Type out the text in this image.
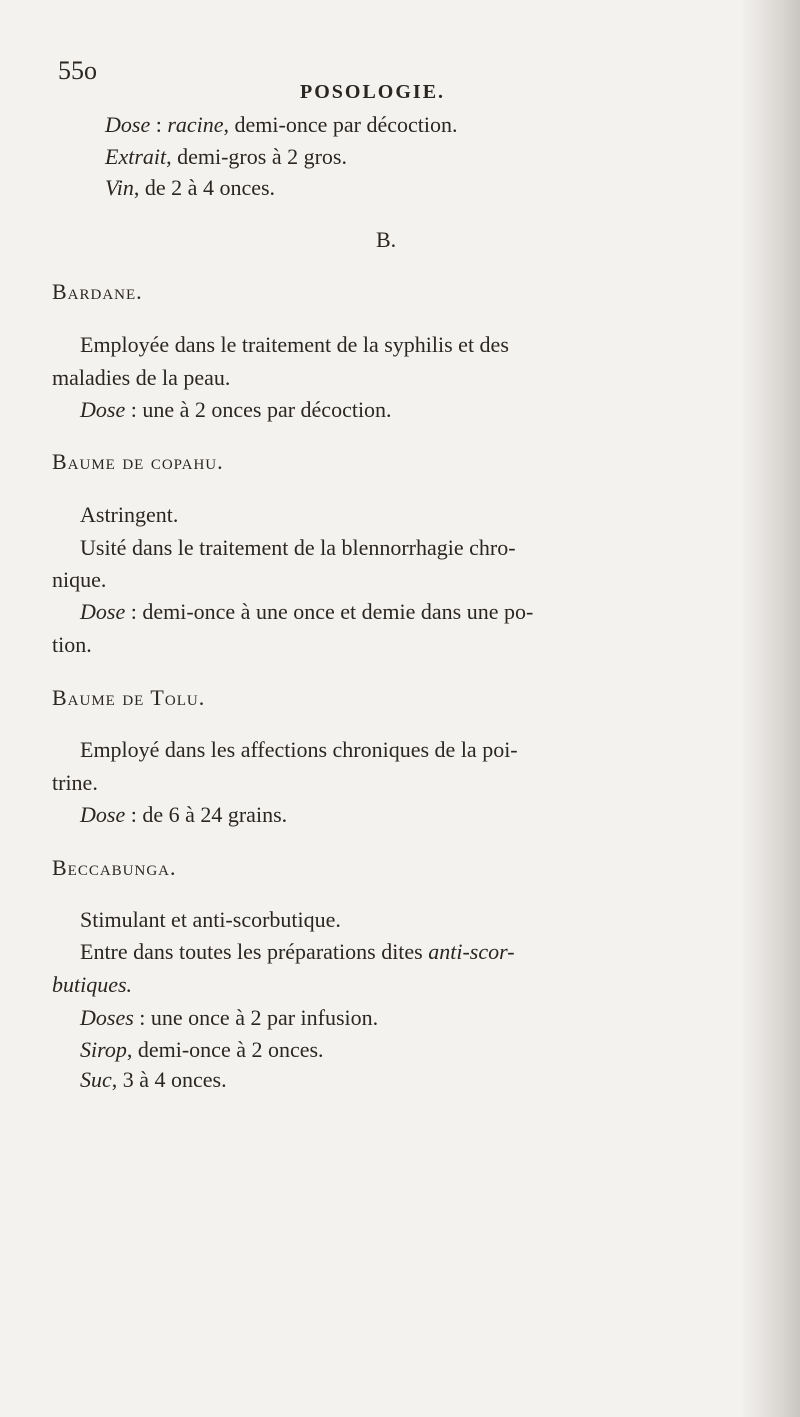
55o
POSOLOGIE.
Dose : racine, demi-once par décoction.
Extrait, demi-gros à 2 gros.
Vin, de 2 à 4 onces.
B.
Bardane.
Employée dans le traitement de la syphilis et des
maladies de la peau.
Dose : une à 2 onces par décoction.
Baume de copahu.
Astringent.
Usité dans le traitement de la blennorrhagie chro-
nique.
Dose : demi-once à une once et demie dans une po-
tion.
Baume de Tolu.
Employé dans les affections chroniques de la poi-
trine.
Dose : de 6 à 24 grains.
Beccabunga.
Stimulant et anti-scorbutique.
Entre dans toutes les préparations dites anti-scor-
butiques.
Doses : une once à 2 par infusion.
Sirop, demi-once à 2 onces.
Suc, 3 à 4 onces.
